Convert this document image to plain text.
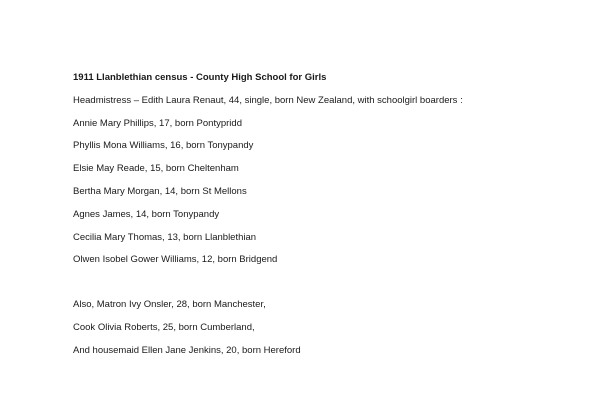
1911 Llanblethian census - County High School for Girls
Headmistress – Edith Laura Renaut, 44, single, born New Zealand, with schoolgirl boarders :
Annie Mary Phillips, 17, born Pontypridd
Phyllis Mona Williams, 16, born Tonypandy
Elsie May Reade, 15, born Cheltenham
Bertha Mary Morgan, 14, born St Mellons
Agnes James, 14, born Tonypandy
Cecilia Mary Thomas, 13, born Llanblethian
Olwen Isobel Gower Williams, 12, born Bridgend
Also, Matron Ivy Onsler, 28, born Manchester,
Cook Olivia Roberts, 25, born Cumberland,
And housemaid Ellen Jane Jenkins, 20, born Hereford
